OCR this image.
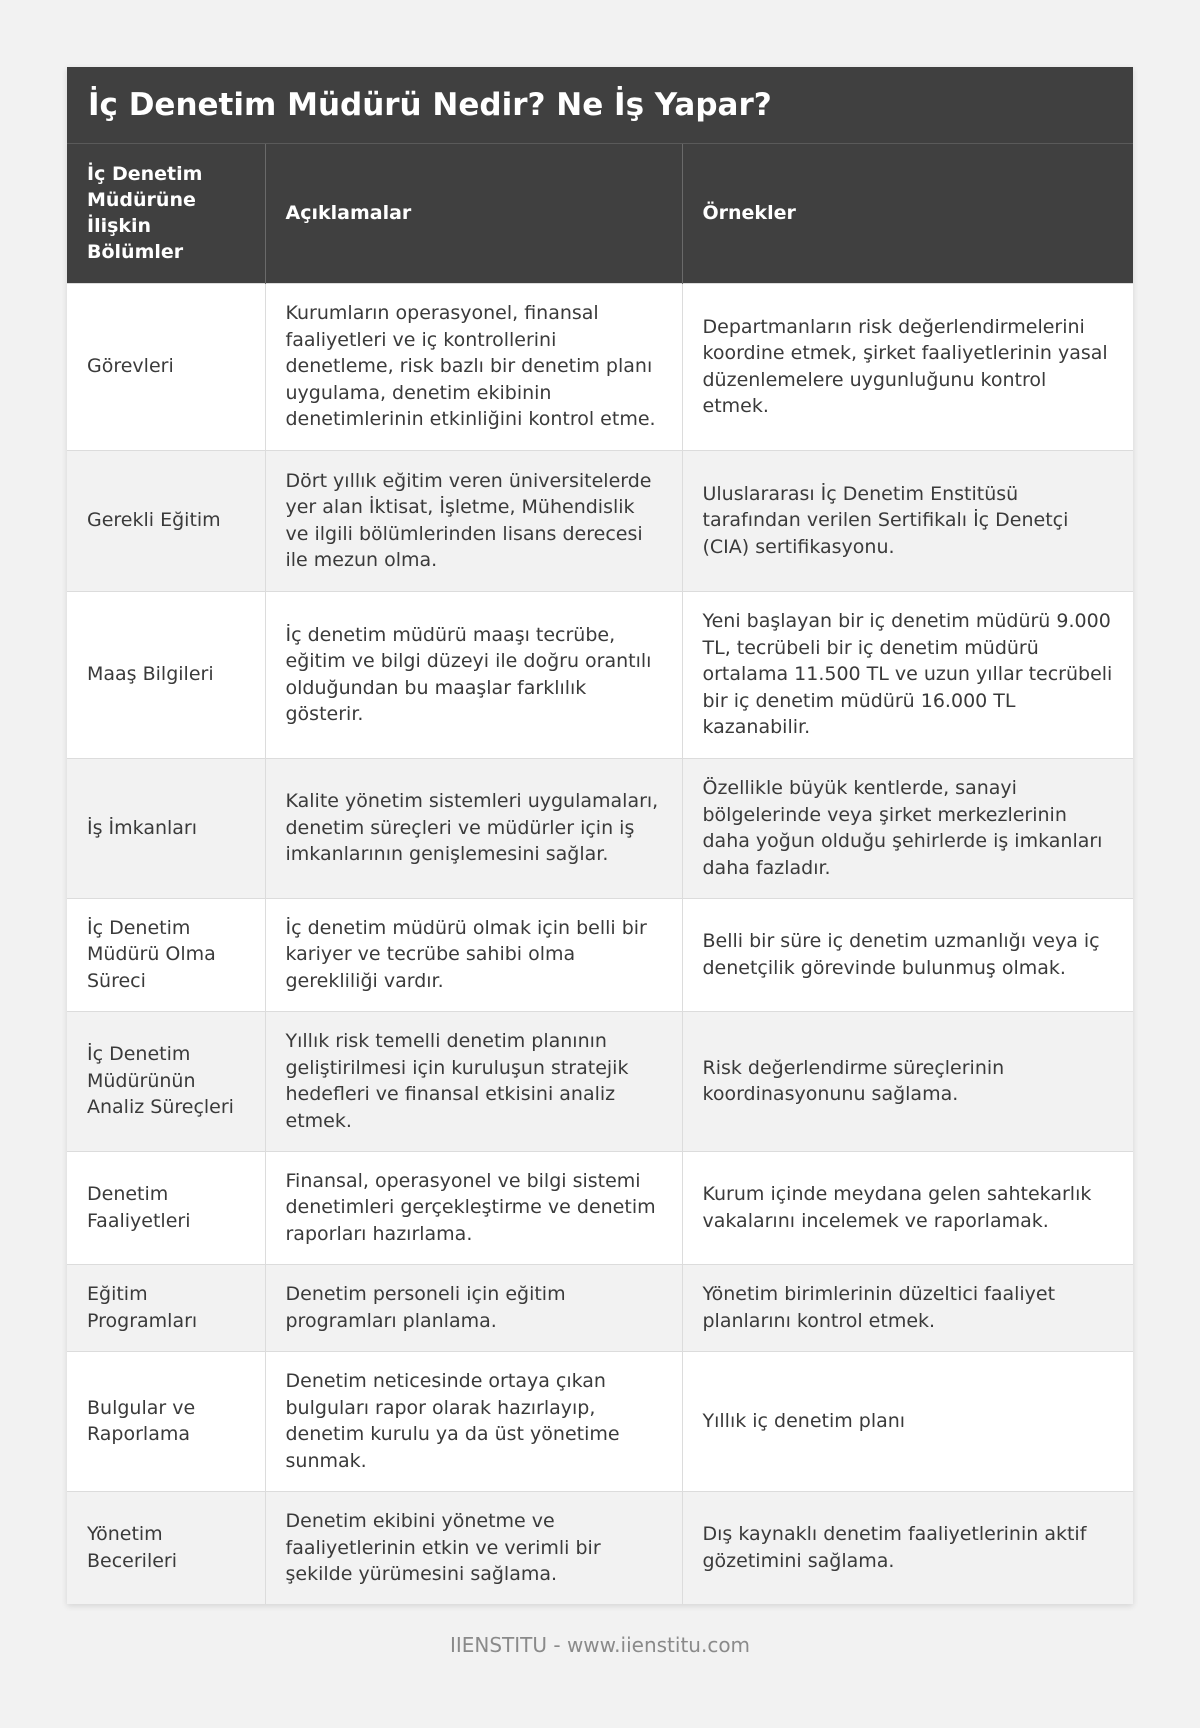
İç Denetim Müdürü Nedir? Ne İş Yapar?
İç Denetim Müdürüne İlişkin Bölümler	Açıklamalar	Örnekler
Görevleri	Kurumların operasyonel, finansal faaliyetleri ve iç kontrollerini denetleme, risk bazlı bir denetim planı uygulama, denetim ekibinin denetimlerinin etkinliğini kontrol etme.	Departmanların risk değerlendirmelerini koordine etmek, şirket faaliyetlerinin yasal düzenlemelere uygunluğunu kontrol etmek.
Gerekli Eğitim	Dört yıllık eğitim veren üniversitelerde yer alan İktisat, İşletme, Mühendislik ve ilgili bölümlerinden lisans derecesi ile mezun olma.	Uluslararası İç Denetim Enstitüsü tarafından verilen Sertifikalı İç Denetçi (CIA) sertifikasyonu.
Maaş Bilgileri	İç denetim müdürü maaşı tecrübe, eğitim ve bilgi düzeyi ile doğru orantılı olduğundan bu maaşlar farklılık gösterir.	Yeni başlayan bir iç denetim müdürü 9.000 TL, tecrübeli bir iç denetim müdürü ortalama 11.500 TL ve uzun yıllar tecrübeli bir iç denetim müdürü 16.000 TL kazanabilir.
İş İmkanları	Kalite yönetim sistemleri uygulamaları, denetim süreçleri ve müdürler için iş imkanlarının genişlemesini sağlar.	Özellikle büyük kentlerde, sanayi bölgelerinde veya şirket merkezlerinin daha yoğun olduğu şehirlerde iş imkanları daha fazladır.
İç Denetim Müdürü Olma Süreci	İç denetim müdürü olmak için belli bir kariyer ve tecrübe sahibi olma gerekliliği vardır.	Belli bir süre iç denetim uzmanlığı veya iç denetçilik görevinde bulunmuş olmak.
İç Denetim Müdürünün Analiz Süreçleri	Yıllık risk temelli denetim planının geliştirilmesi için kuruluşun stratejik hedefleri ve finansal etkisini analiz etmek.	Risk değerlendirme süreçlerinin koordinasyonunu sağlama.
Denetim Faaliyetleri	Finansal, operasyonel ve bilgi sistemi denetimleri gerçekleştirme ve denetim raporları hazırlama.	Kurum içinde meydana gelen sahtekarlık vakalarını incelemek ve raporlamak.
Eğitim Programları	Denetim personeli için eğitim programları planlama.	Yönetim birimlerinin düzeltici faaliyet planlarını kontrol etmek.
Bulgular ve Raporlama	Denetim neticesinde ortaya çıkan bulguları rapor olarak hazırlayıp, denetim kurulu ya da üst yönetime sunmak.	Yıllık iç denetim planı
Yönetim Becerileri	Denetim ekibini yönetme ve faaliyetlerinin etkin ve verimli bir şekilde yürümesini sağlama.	Dış kaynaklı denetim faaliyetlerinin aktif gözetimini sağlama.
IIENSTITU - www.iienstitu.com
